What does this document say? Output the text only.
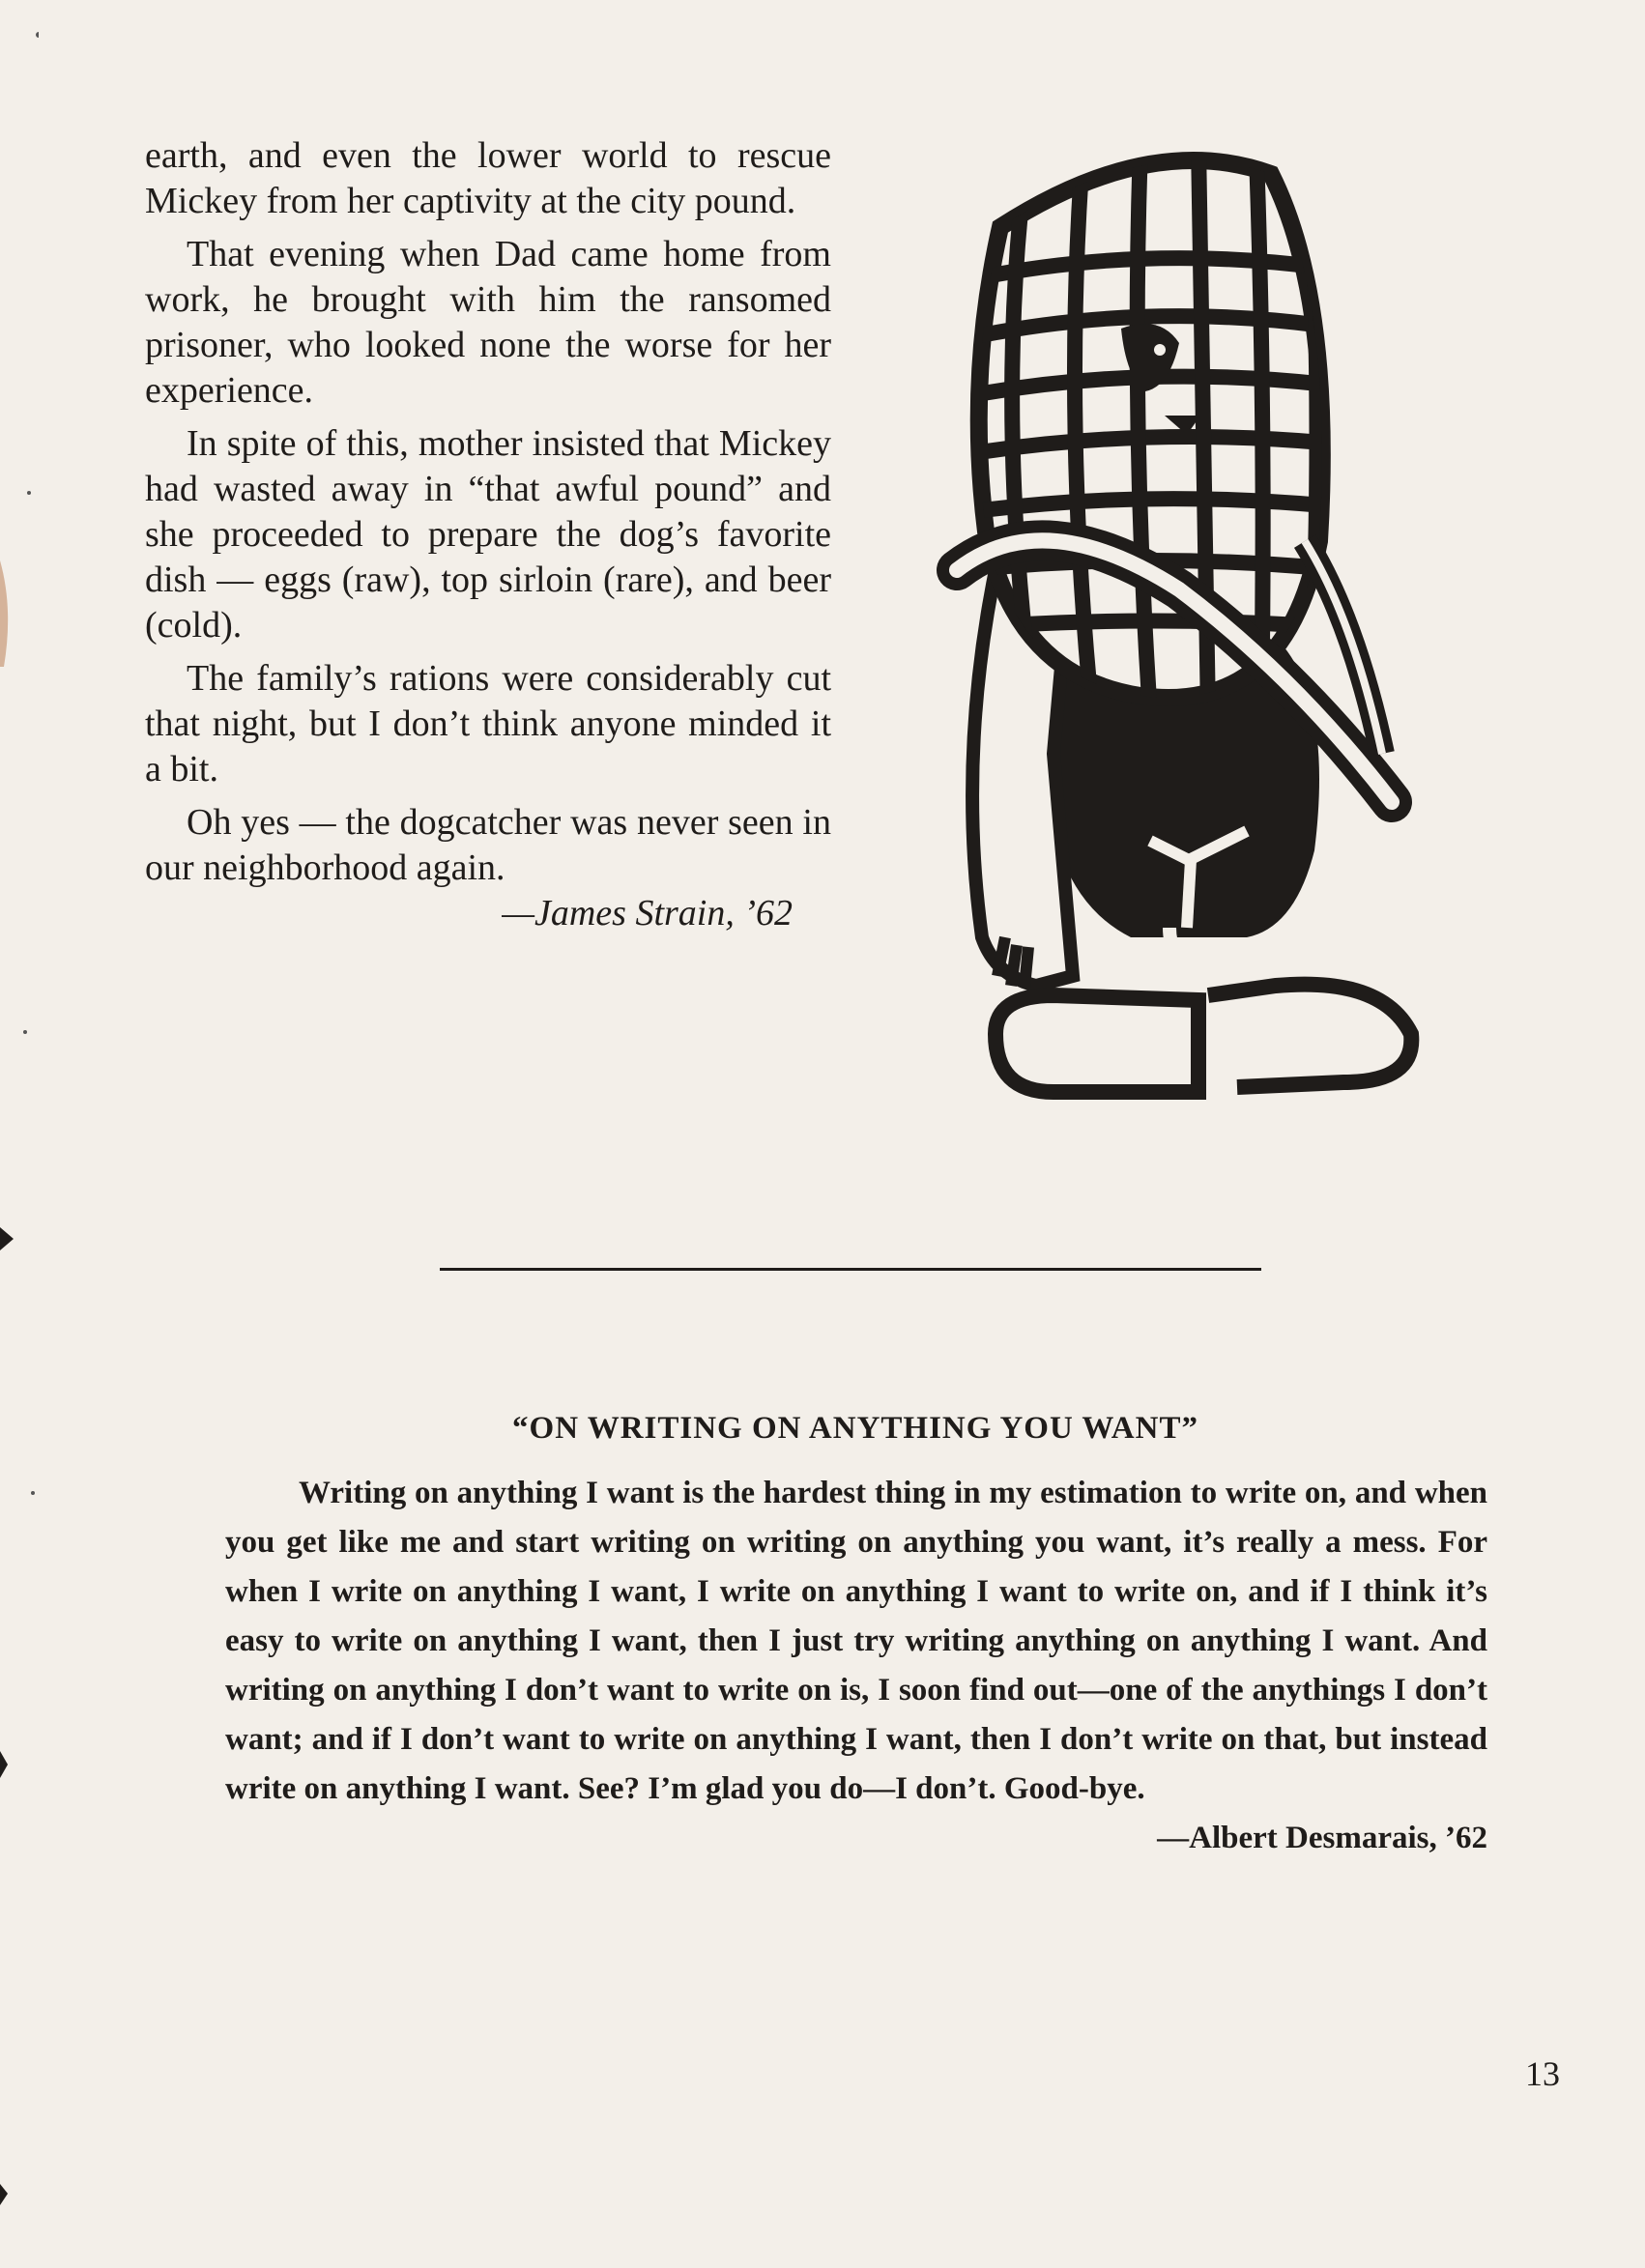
earth, and even the lower world to rescue Mickey from her captivity at the city pound.

That evening when Dad came home from work, he brought with him the ransomed prisoner, who looked none the worse for her experience.

In spite of this, mother insisted that Mickey had wasted away in “that awful pound” and she proceeded to prepare the dog’s favorite dish — eggs (raw), top sirloin (rare), and beer (cold).

The family’s rations were considerably cut that night, but I don’t think anyone minded it a bit.

Oh yes — the dogcatcher was never seen in our neighborhood again.

—James Strain, ’62

“ON WRITING ON ANYTHING YOU WANT”

Writing on anything I want is the hardest thing in my estimation to write on, and when you get like me and start writing on writing on anything you want, it’s really a mess. For when I write on anything I want, I write on anything I want to write on, and if I think it’s easy to write on anything I want, then I just try writing anything on anything I want. And writing on anything I don’t want to write on is, I soon find out—one of the anythings I don’t want; and if I don’t want to write on anything I want, then I don’t write on that, but instead write on anything I want. See? I’m glad you do—I don’t. Good-bye.

—Albert Desmarais, ’62

13
